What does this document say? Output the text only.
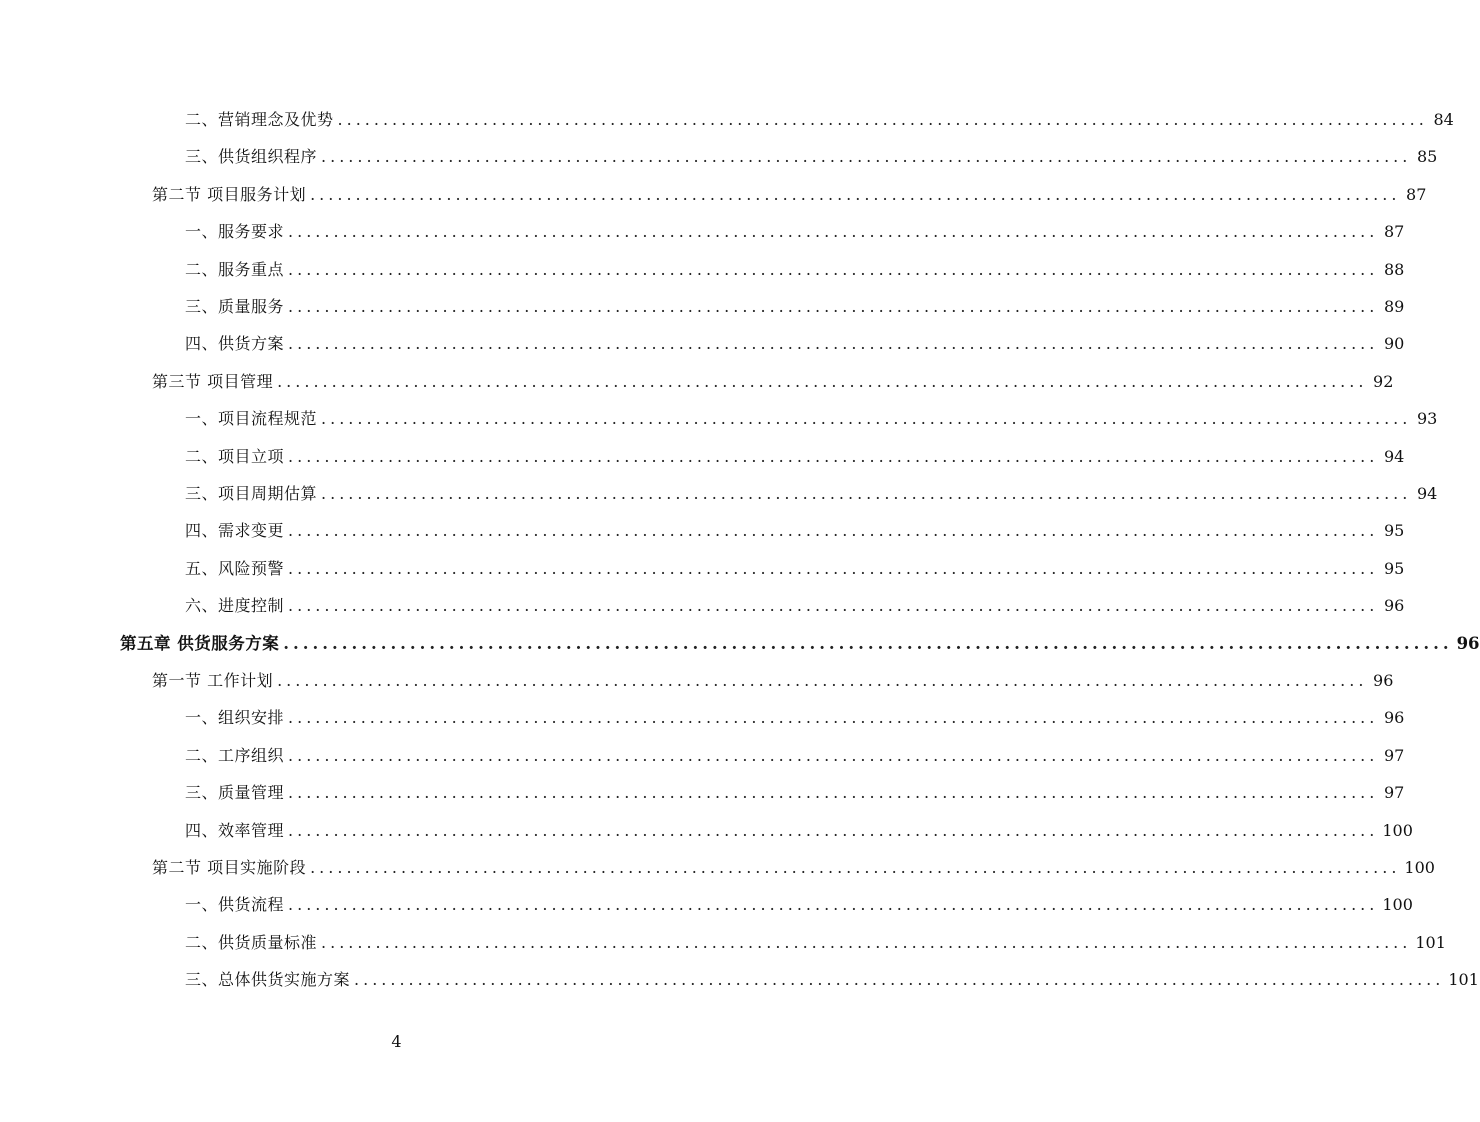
二、营销理念及优势 ........................................................................................................................ 84
三、供货组织程序 ........................................................................................................................ 85
第二节 项目服务计划 ........................................................................................................................ 87
一、服务要求 ........................................................................................................................ 87
二、服务重点 ........................................................................................................................ 88
三、质量服务 ........................................................................................................................ 89
四、供货方案 ........................................................................................................................ 90
第三节 项目管理 ........................................................................................................................ 92
一、项目流程规范 ........................................................................................................................ 93
二、项目立项 ........................................................................................................................ 94
三、项目周期估算 ........................................................................................................................ 94
四、需求变更 ........................................................................................................................ 95
五、风险预警 ........................................................................................................................ 95
六、进度控制 ........................................................................................................................ 96
第五章 供货服务方案 ........................................................................................................................ 96
第一节 工作计划 ........................................................................................................................ 96
一、组织安排 ........................................................................................................................ 96
二、工序组织 ........................................................................................................................ 97
三、质量管理 ........................................................................................................................ 97
四、效率管理 ........................................................................................................................ 100
第二节 项目实施阶段 ........................................................................................................................ 100
一、供货流程 ........................................................................................................................ 100
二、供货质量标准 ........................................................................................................................ 101
三、总体供货实施方案 ........................................................................................................................ 101
4
